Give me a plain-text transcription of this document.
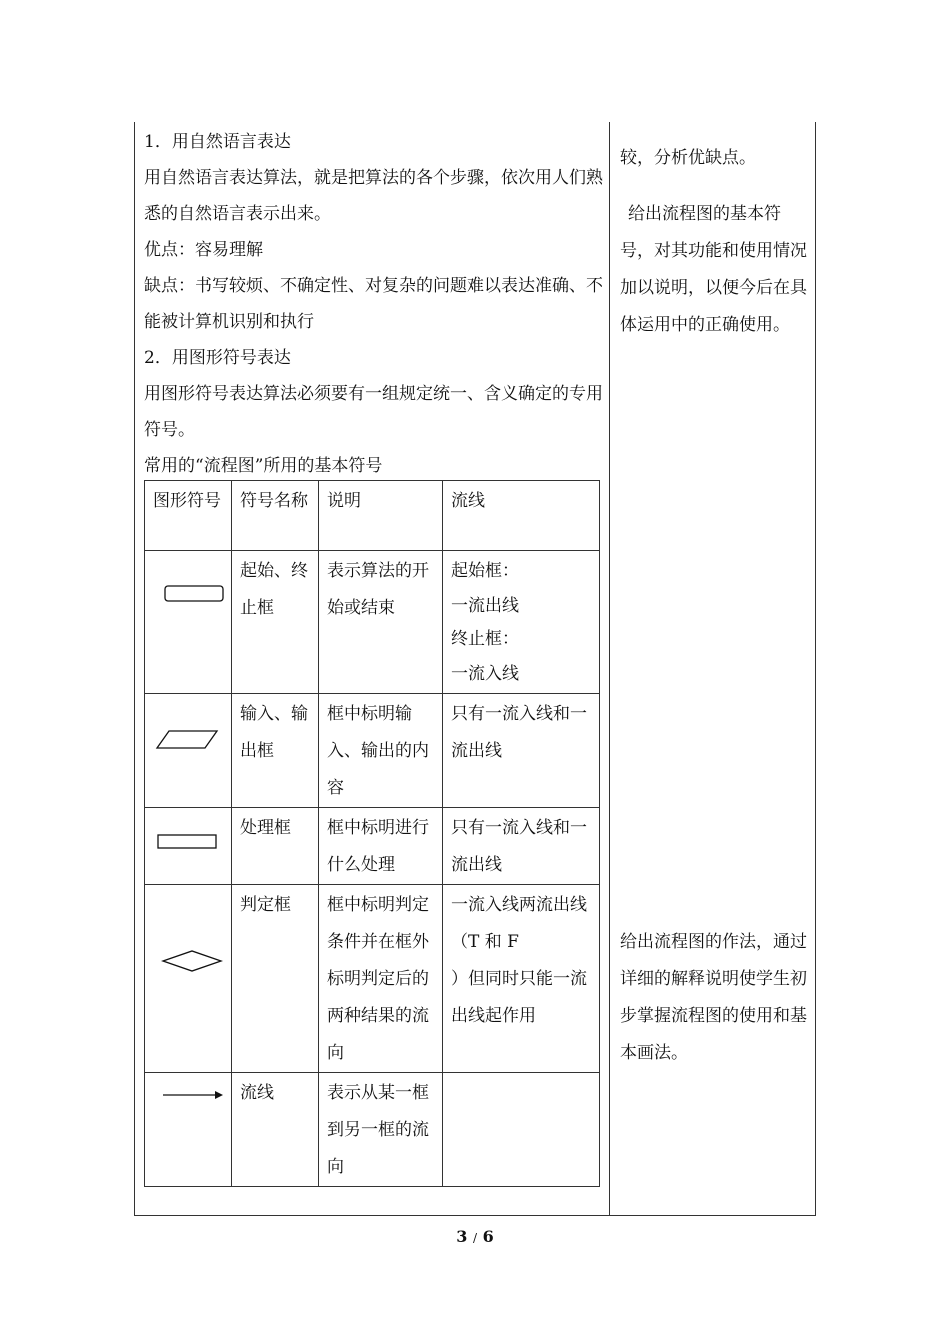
1．用自然语言表达

用自然语言表达算法，就是把算法的各个步骤，依次用人们熟悉的自然语言表示出来。

优点：容易理解

缺点：书写较烦、不确定性、对复杂的问题难以表达准确、不能被计算机识别和执行

2．用图形符号表达

用图形符号表达算法必须要有一组规定统一、含义确定的专用符号。

常用的“流程图”所用的基本符号

图形符号	符号名称	说明	流线

	起始、终止框	表示算法的开始或结束	起始框：
一流出线
终止框：
一流入线

	输入、输出框	框中标明输入、输出的内容	只有一流入线和一流出线

	处理框	框中标明进行什么处理	只有一流入线和一流出线

	判定框	框中标明判定条件并在框外标明判定后的两种结果的流向	一流入线两流出线
（T 和 F
）但同时只能一流出线起作用

	流线	表示从某一框到另一框的流向	

较，分析优缺点。

给出流程图的基本符号，对其功能和使用情况加以说明，以便今后在具体运用中的正确使用。

给出流程图的作法，通过详细的解释说明使学生初步掌握流程图的使用和基本画法。

3 / 6
